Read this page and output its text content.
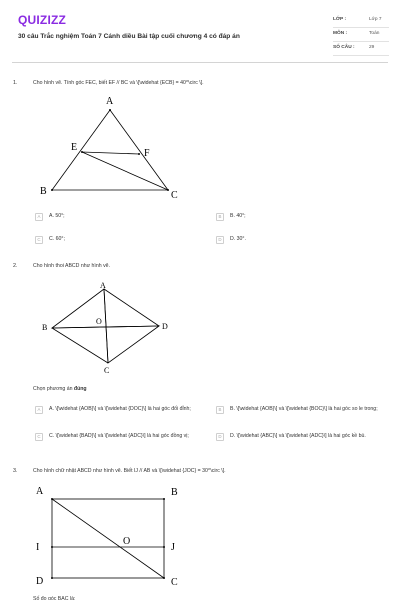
QUIZIZZ
30 câu Trắc nghiệm Toán 7 Cánh diều Bài tập cuối chương 4 có đáp án
LỚP :	Lớp 7
MÔN :	Toán
SỐ CÂU :	29
1.	Cho hình vẽ. Tính góc FEC, biết EF // BC và \[\widehat {ECB} = 40^\circ \].
A
E
F
B	C
A	A. 50°;	B	B. 40°;
C	C. 60°;	D	D. 30°.
2.	Cho hình thoi ABCD như hình vẽ.
A
B
O
D
C
Chọn phương án đúng
A	A. \[\widehat {AOB}\] và \[\widehat {DOC}\] là hai góc đối đỉnh;	B	B. \[\widehat {AOB}\] và \[\widehat {BOC}\] là hai góc so le trong;
C	C. \[\widehat {BAD}\] và \[\widehat {ADC}\] là hai góc đồng vị;	D	D. \[\widehat {ABC}\] và \[\widehat {ADC}\] là hai góc kề bù.
3.	Cho hình chữ nhật ABCD như hình vẽ. Biết IJ // AB và \[\widehat {JOC} = 30^\circ \].
A	B
I
O
J
D	C
Số đo góc BAC là:
